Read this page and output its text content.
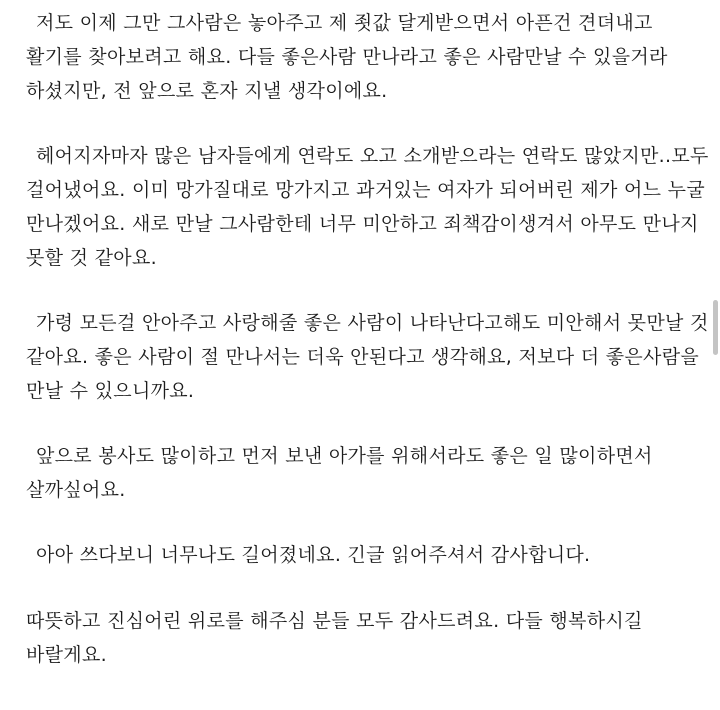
저도 이제 그만 그사람은 놓아주고 제 죗값 달게받으면서 아픈건 견뎌내고
활기를 찾아보려고 해요. 다들 좋은사람 만나라고 좋은 사람만날 수 있을거라
하셨지만, 전 앞으로 혼자 지낼 생각이에요.

헤어지자마자 많은 남자들에게 연락도 오고 소개받으라는 연락도 많았지만..모두
걸어냈어요. 이미 망가질대로 망가지고 과거있는 여자가 되어버린 제가 어느 누굴
만나겠어요. 새로 만날 그사람한테 너무 미안하고 죄책감이생겨서 아무도 만나지
못할 것 같아요.

가령 모든걸 안아주고 사랑해줄 좋은 사람이 나타난다고해도 미안해서 못만날 것
같아요. 좋은 사람이 절 만나서는 더욱 안된다고 생각해요, 저보다 더 좋은사람을
만날 수 있으니까요.

앞으로 봉사도 많이하고 먼저 보낸 아가를 위해서라도 좋은 일 많이하면서
살까싶어요.

아아 쓰다보니 너무나도 길어졌네요. 긴글 읽어주셔서 감사합니다.

따뜻하고 진심어린 위로를 해주심 분들 모두 감사드려요. 다들 행복하시길
바랄게요.
